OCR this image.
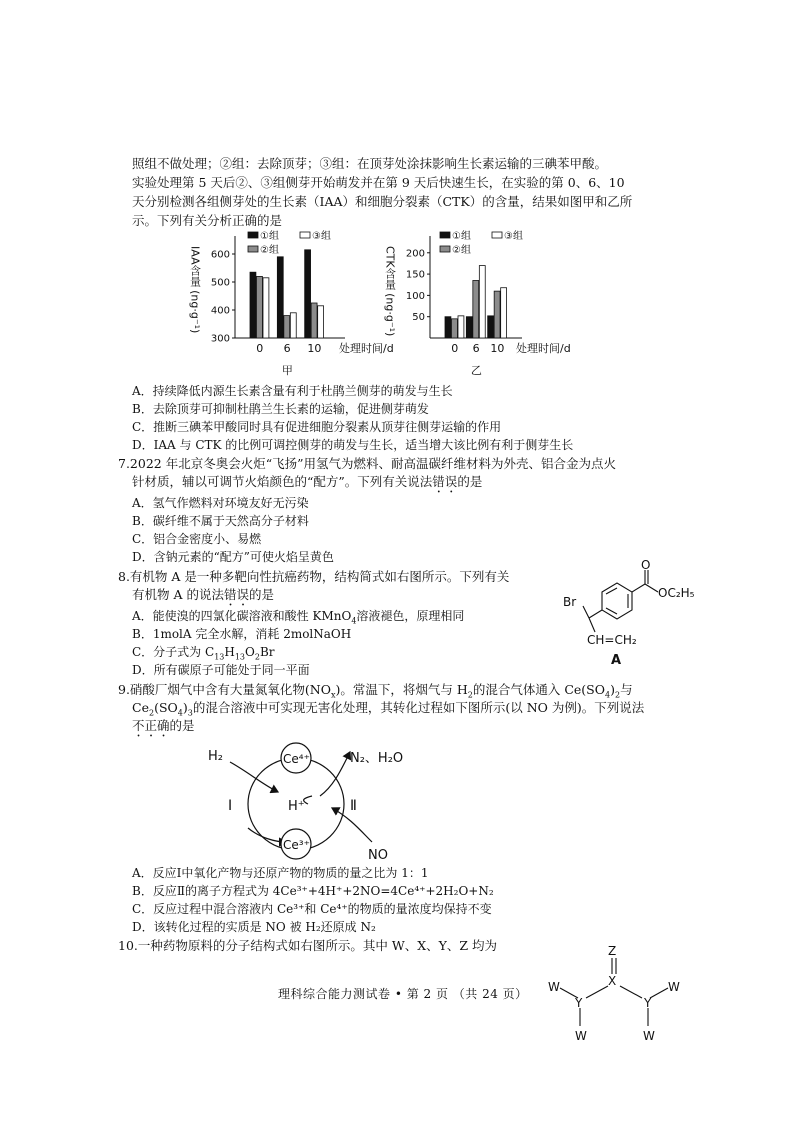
照组不做处理；②组：去除顶芽；③组：在顶芽处涂抹影响生长素运输的三碘苯甲酸。
实验处理第 5 天后②、③组侧芽开始萌发并在第 9 天后快速生长，在实验的第 0、6、10
天分别检测各组侧芽处的生长素（IAA）和细胞分裂素（CTK）的含量，结果如图甲和乙所
示。下列有关分析正确的是
300
400
500
600
IAA含量 (ng·g⁻¹)
0 6 10 处理时间/d
甲
①组
②组
③组
50
100
150
200
CTK含量 (ng·g⁻¹)
0 6 10 处理时间/d
乙
①组
②组
③组
A．持续降低内源生长素含量有利于杜鹃兰侧芽的萌发与生长
B．去除顶芽可抑制杜鹃兰生长素的运输，促进侧芽萌发
C．推断三碘苯甲酸同时具有促进细胞分裂素从顶芽往侧芽运输的作用
D．IAA 与 CTK 的比例可调控侧芽的萌发与生长，适当增大该比例有利于侧芽生长
7.2022 年北京冬奥会火炬“飞扬”用氢气为燃料、耐高温碳纤维材料为外壳、铝合金为点火
针材质，辅以可调节火焰颜色的“配方”。下列有关说法错误的是
A．氢气作燃料对环境友好无污染
B．碳纤维不属于天然高分子材料
C．铝合金密度小、易燃
D．含钠元素的“配方”可使火焰呈黄色
8.有机物 A 是一种多靶向性抗癌药物，结构简式如右图所示。下列有关
有机物 A 的说法错误的是
A．能使溴的四氯化碳溶液和酸性 KMnO$_4$溶液褪色，原理相同
B．1molA 完全水解，消耗 2molNaOH
C．分子式为 $C_{13}H_{13}O_2Br$
D．所有碳原子可能处于同一平面
Br
O
OC₂H₅
CH=CH₂
A
9.硝酸厂烟气中含有大量氮氧化物$(NO_x)$。常温下，将烟气与 $H_2$的混合气体通入 $Ce(SO_4)_2$与
$Ce_2(SO_4)_3$的混合溶液中可实现无害化处理，其转化过程如下图所示(以 NO 为例)。下列说法
不正确的是
H₂	Ce⁴⁺	N₂、H₂O
H⁺
Ⅰ	Ⅱ
Ce³⁺
NO
A．反应Ⅰ中氧化产物与还原产物的物质的量之比为 1：1
B．反应Ⅱ的离子方程式为 4Ce³⁺+4H⁺+2NO=4Ce⁴⁺+2H₂O+N₂
C．反应过程中混合溶液内 Ce³⁺和 Ce⁴⁺的物质的量浓度均保持不变
D．该转化过程的实质是 NO 被 H₂还原成 N₂
10.一种药物原料的分子结构式如右图所示。其中 W、X、Y、Z 均为	Z
X
Y	Y
W
W
W
W
理科综合能力测试卷 • 第 2 页 （共 24 页）
